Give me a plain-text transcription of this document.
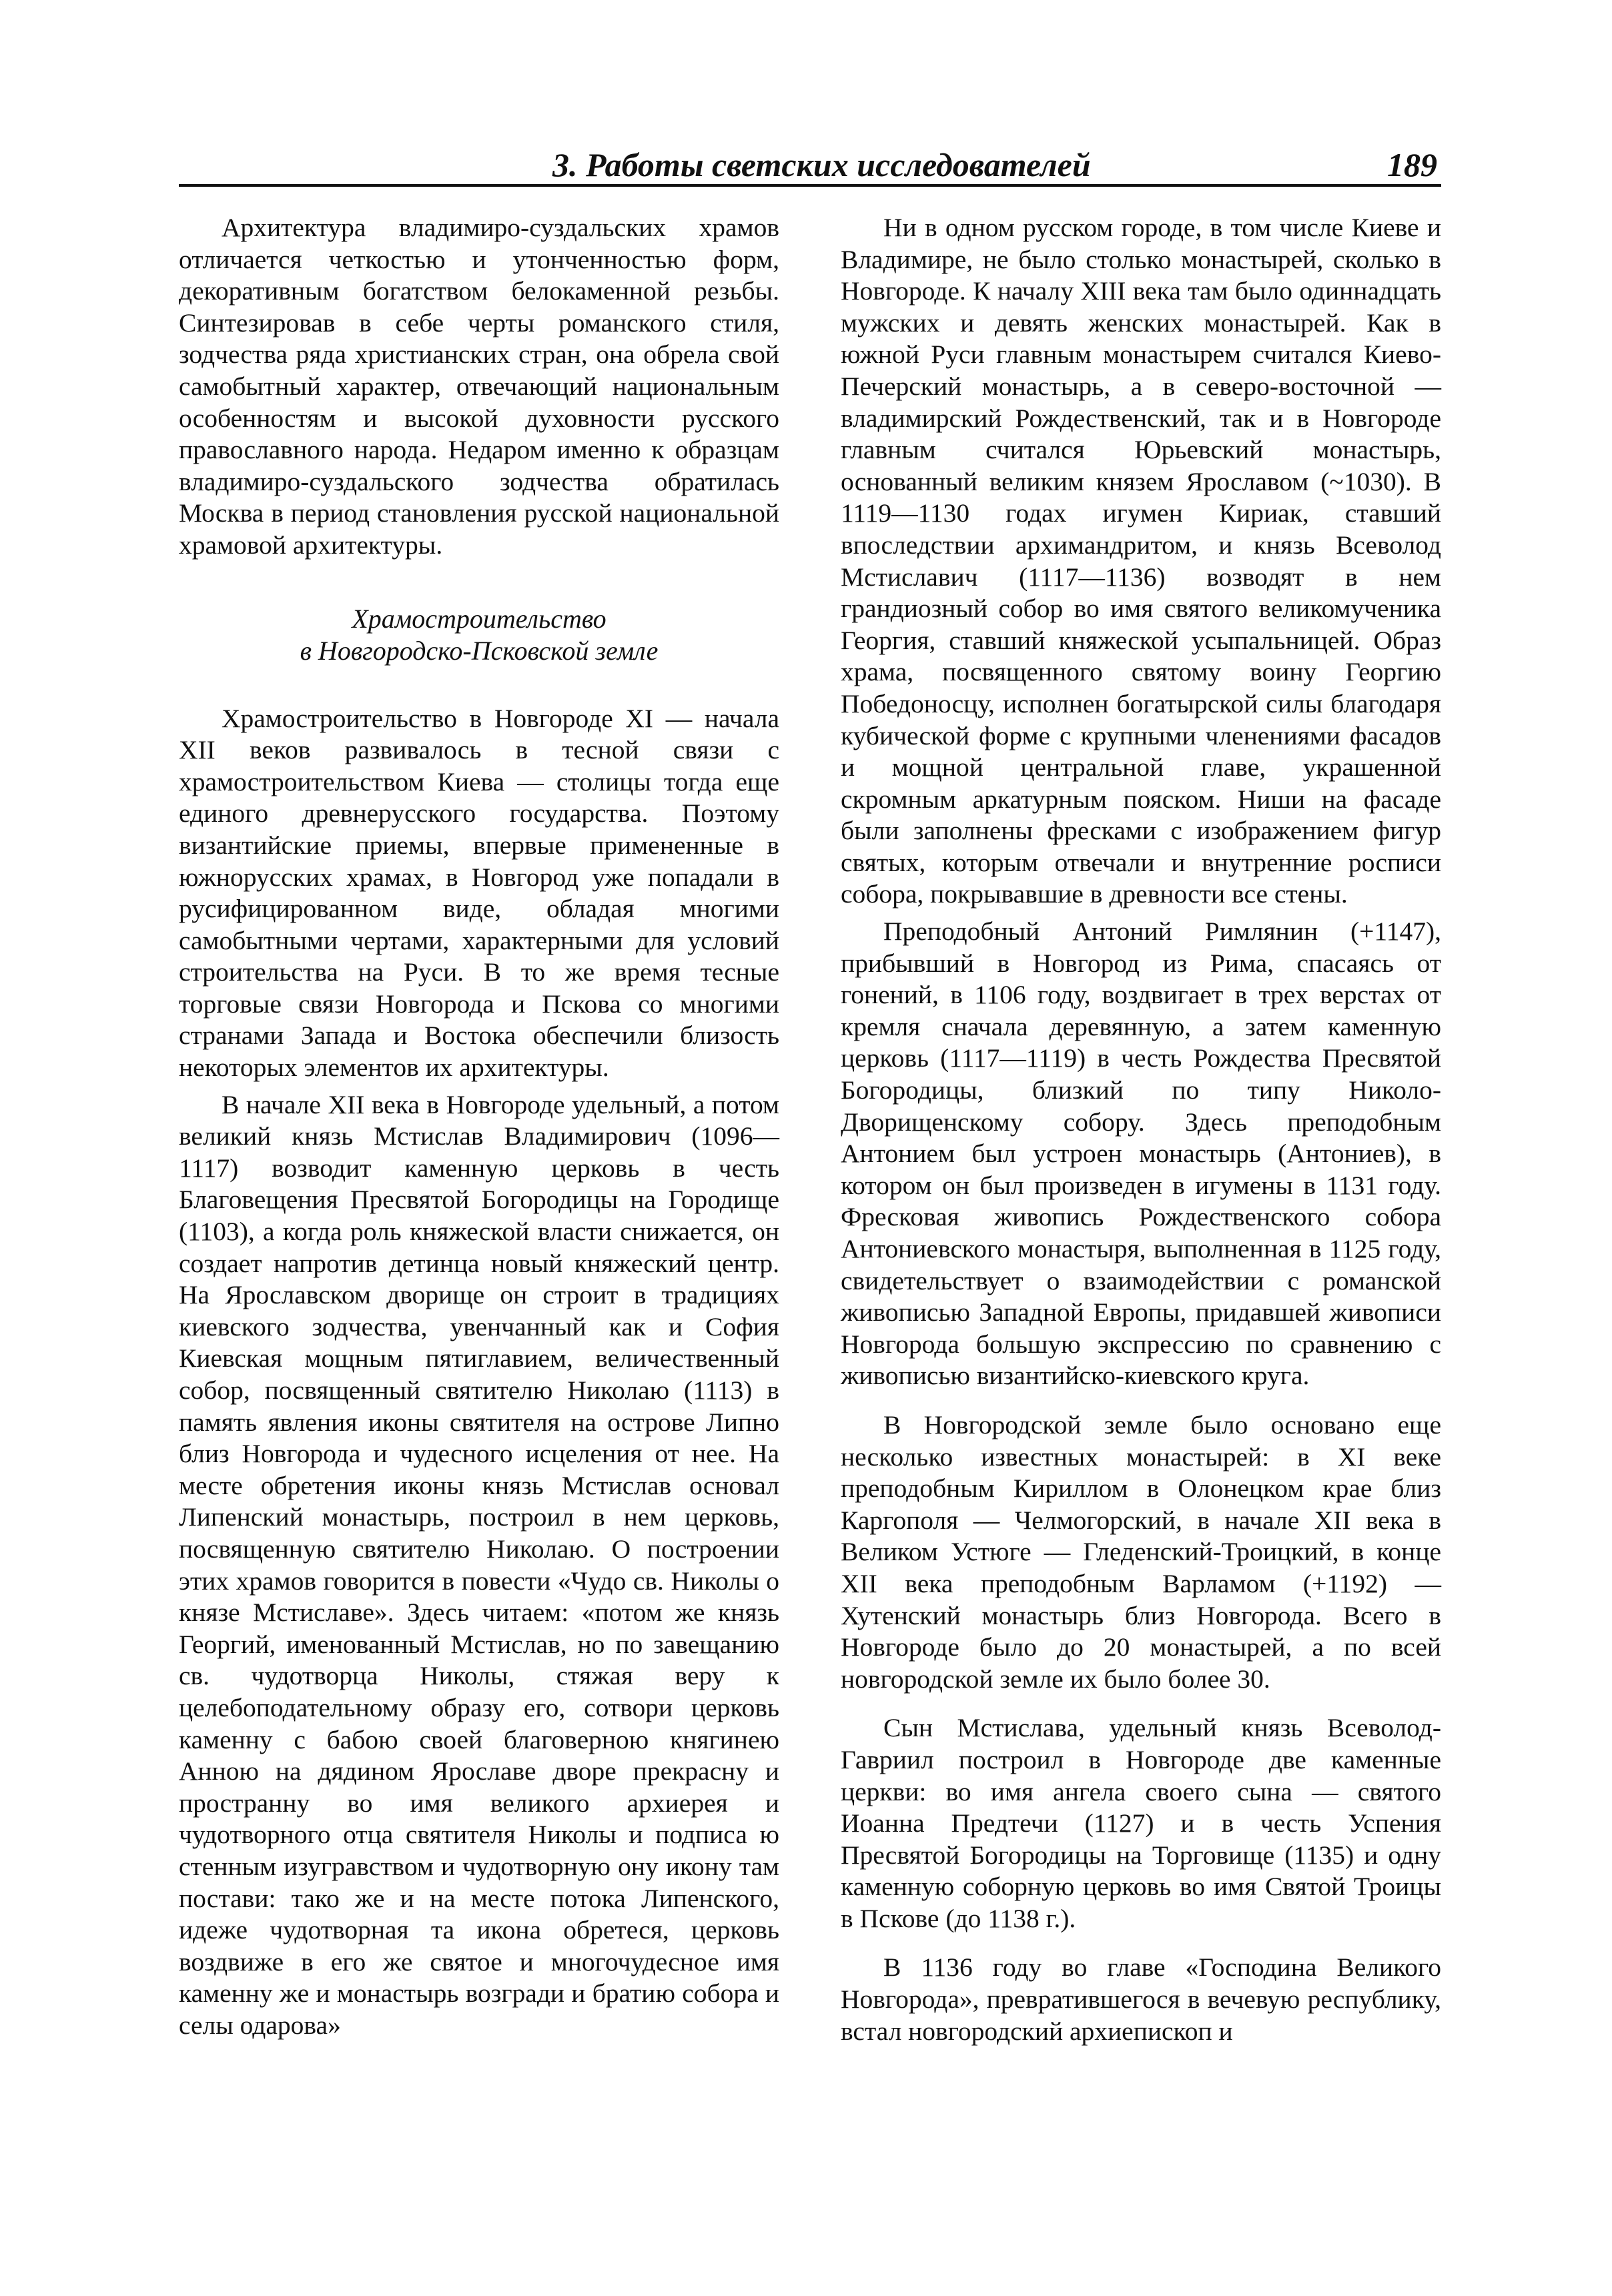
3. Работы светских исследователей	189

Архитектура владимиро-суздальских храмов отличается четкостью и утонченностью форм, декоративным богатством белокаменной резьбы. Синтезировав в себе черты романского стиля, зодчества ряда христианских стран, она обрела свой самобытный характер, отвечающий национальным особенностям и высокой духовности русского православного народа. Недаром именно к образцам владимиро-суздальского зодчества обратилась Москва в период становления русской национальной храмовой архитектуры.

Храмостроительство
в Новгородско-Псковской земле

Храмостроительство в Новгороде XI — начала XII веков развивалось в тесной связи с храмостроительством Киева — столицы тогда еще единого древнерусского государства. Поэтому византийские приемы, впервые примененные в южнорусских храмах, в Новгород уже попадали в русифицированном виде, обладая многими самобытными чертами, характерными для условий строительства на Руси. В то же время тесные торговые связи Новгорода и Пскова со многими странами Запада и Востока обеспечили близость некоторых элементов их архитектуры.

В начале XII века в Новгороде удельный, а потом великий князь Мстислав Владимирович (1096—1117) возводит каменную церковь в честь Благовещения Пресвятой Богородицы на Городище (1103), а когда роль княжеской власти снижается, он создает напротив детинца новый княжеский центр. На Ярославском дворище он строит в традициях киевского зодчества, увенчанный как и София Киевская мощным пятиглавием, величественный собор, посвященный святителю Николаю (1113) в память явления иконы святителя на острове Липно близ Новгорода и чудесного исцеления от нее. На месте обретения иконы князь Мстислав основал Липенский монастырь, построил в нем церковь, посвященную святителю Николаю. О построении этих храмов говорится в повести «Чудо св. Николы о князе Мстиславе». Здесь читаем: «потом же князь Георгий, именованный Мстислав, но по завещанию св. чудотворца Николы, стяжая веру к целебоподательному образу его, сотвори церковь каменну с бабою своей благоверною княгинею Анною на дядином Ярославе дворе прекрасну и пространну во имя великого архиерея и чудотворного отца святителя Николы и подписа ю стенным изугравством и чудотворную ону икону там постави: тако же и на месте потока Липенского, идеже чудотворная та икона обретеся, церковь воздвиже в его же святое и многочудесное имя каменну же и монастырь возгради и братию собора и селы одарова»

Ни в одном русском городе, в том числе Киеве и Владимире, не было столько монастырей, сколько в Новгороде. К началу XIII века там было одиннадцать мужских и девять женских монастырей. Как в южной Руси главным монастырем считался Киево-Печерский монастырь, а в северо-восточной — владимирский Рождественский, так и в Новгороде главным считался Юрьевский монастырь, основанный великим князем Ярославом (~1030). В 1119—1130 годах игумен Кириак, ставший впоследствии архимандритом, и князь Всеволод Мстиславич (1117—1136) возводят в нем грандиозный собор во имя святого великомученика Георгия, ставший княжеской усыпальницей. Образ храма, посвященного святому воину Георгию Победоносцу, исполнен богатырской силы благодаря кубической форме с крупными членениями фасадов и мощной центральной главе, украшенной скромным аркатурным пояском. Ниши на фасаде были заполнены фресками с изображением фигур святых, которым отвечали и внутренние росписи собора, покрывавшие в древности все стены.

Преподобный Антоний Римлянин (+1147), прибывший в Новгород из Рима, спасаясь от гонений, в 1106 году, воздвигает в трех верстах от кремля сначала деревянную, а затем каменную церковь (1117—1119) в честь Рождества Пресвятой Богородицы, близкий по типу Николо-Дворищенскому собору. Здесь преподобным Антонием был устроен монастырь (Антониев), в котором он был произведен в игумены в 1131 году. Фресковая живопись Рождественского собора Антониевского монастыря, выполненная в 1125 году, свидетельствует о взаимодействии с романской живописью Западной Европы, придавшей живописи Новгорода большую экспрессию по сравнению с живописью византийско-киевского круга.

В Новгородской земле было основано еще несколько известных монастырей: в XI веке преподобным Кириллом в Олонецком крае близ Каргополя — Челмогорский, в начале XII века в Великом Устюге — Гледенский-Троицкий, в конце XII века преподобным Варламом (+1192) — Хутенский монастырь близ Новгорода. Всего в Новгороде было до 20 монастырей, а по всей новгородской земле их было более 30.

Сын Мстислава, удельный князь Всеволод-Гавриил построил в Новгороде две каменные церкви: во имя ангела своего сына — святого Иоанна Предтечи (1127) и в честь Успения Пресвятой Богородицы на Торговище (1135) и одну каменную соборную церковь во имя Святой Троицы в Пскове (до 1138 г.).

В 1136 году во главе «Господина Великого Новгорода», превратившегося в вечевую республику, встал новгородский архиепископ и
